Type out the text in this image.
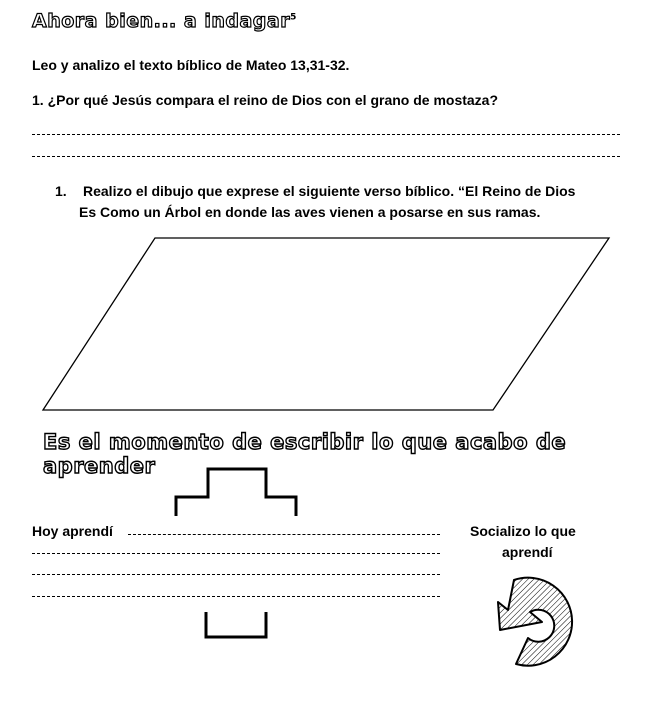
Ahora bien... a indagar$^5$
Leo y analizo el texto bíblico de Mateo 13,31-32.
1. ¿Por qué Jesús compara el reino de Dios con el grano de mostaza?
1. Realizo el dibujo que exprese el siguiente verso bíblico. “El Reino de Dios
Es Como un Árbol en donde las aves vienen a posarse en sus ramas.
Es el momento de escribir lo que acabo de aprender
Hoy aprendí	Socializo lo que
aprendí
